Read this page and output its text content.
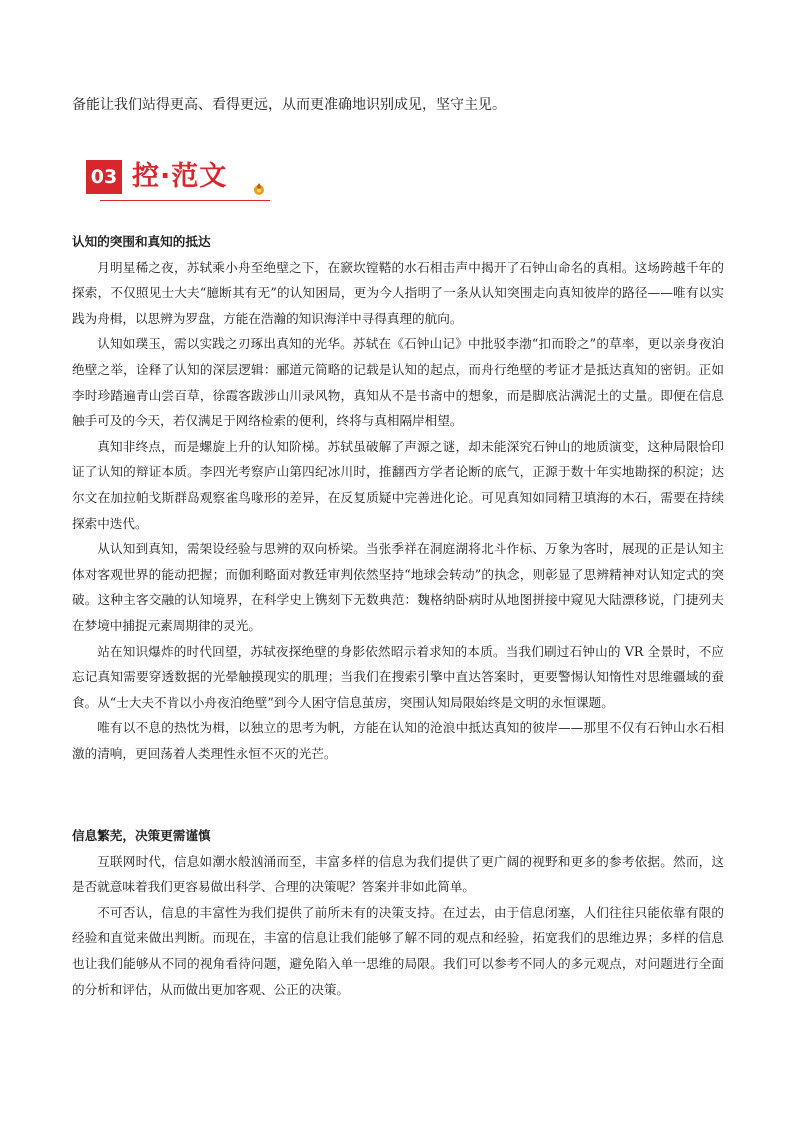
备能让我们站得更高、看得更远，从而更准确地识别成见，坚守主见。
03 控·范文

认知的突围和真知的抵达

月明星稀之夜，苏轼乘小舟至绝壁之下，在窾坎镗鞳的水石相击声中揭开了石钟山命名的真相。这场跨越千年的探索，不仅照见士大夫“臆断其有无”的认知困局，更为今人指明了一条从认知突围走向真知彼岸的路径——唯有以实践为舟楫，以思辨为罗盘，方能在浩瀚的知识海洋中寻得真理的航向。

认知如璞玉，需以实践之刃琢出真知的光华。苏轼在《石钟山记》中批驳李渤“扣而聆之”的草率，更以亲身夜泊绝壁之举，诠释了认知的深层逻辑：郦道元简略的记载是认知的起点，而舟行绝壁的考证才是抵达真知的密钥。正如李时珍踏遍青山尝百草，徐霞客跋涉山川录风物，真知从不是书斋中的想象，而是脚底沾满泥土的丈量。即便在信息触手可及的今天，若仅满足于网络检索的便利，终将与真相隔岸相望。

真知非终点，而是螺旋上升的认知阶梯。苏轼虽破解了声源之谜，却未能深究石钟山的地质演变，这种局限恰印证了认知的辩证本质。李四光考察庐山第四纪冰川时，推翻西方学者论断的底气，正源于数十年实地勘探的积淀；达尔文在加拉帕戈斯群岛观察雀鸟喙形的差异，在反复质疑中完善进化论。可见真知如同精卫填海的木石，需要在持续探索中迭代。

从认知到真知，需架设经验与思辨的双向桥梁。当张季祥在洞庭湖将北斗作标、万象为客时，展现的正是认知主体对客观世界的能动把握；而伽利略面对教廷审判依然坚持“地球会转动”的执念，则彰显了思辨精神对认知定式的突破。这种主客交融的认知境界，在科学史上镌刻下无数典范：魏格纳卧病时从地图拼接中窥见大陆漂移说，门捷列夫在梦境中捕捉元素周期律的灵光。

站在知识爆炸的时代回望，苏轼夜探绝壁的身影依然昭示着求知的本质。当我们刷过石钟山的 VR 全景时，不应忘记真知需要穿透数据的光晕触摸现实的肌理；当我们在搜索引擎中直达答案时，更要警惕认知惰性对思维疆域的蚕食。从“士大夫不肯以小舟夜泊绝壁”到今人困守信息茧房，突围认知局限始终是文明的永恒课题。

唯有以不息的热忱为楫，以独立的思考为帆，方能在认知的沧浪中抵达真知的彼岸——那里不仅有石钟山水石相激的清响，更回荡着人类理性永恒不灭的光芒。

信息繁芜，决策更需谨慎

互联网时代，信息如潮水般汹涌而至，丰富多样的信息为我们提供了更广阔的视野和更多的参考依据。然而，这是否就意味着我们更容易做出科学、合理的决策呢？答案并非如此简单。

不可否认，信息的丰富性为我们提供了前所未有的决策支持。在过去，由于信息闭塞，人们往往只能依靠有限的经验和直觉来做出判断。而现在，丰富的信息让我们能够了解不同的观点和经验，拓宽我们的思维边界；多样的信息也让我们能够从不同的视角看待问题，避免陷入单一思维的局限。我们可以参考不同人的多元观点，对问题进行全面的分析和评估，从而做出更加客观、公正的决策。
